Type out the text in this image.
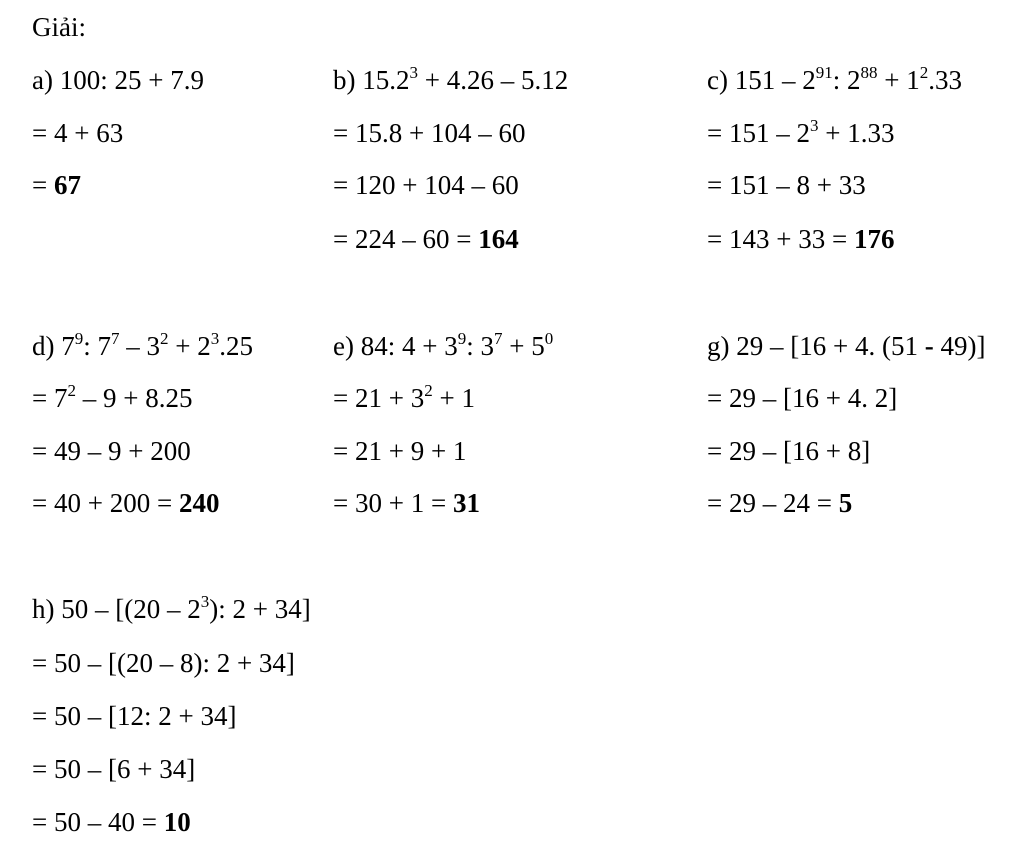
Giải:
a) 100: 25 + 7.9
= 4 + 63
= 67
b) $15.2^3 + 4.26 - 5.12$
= 15.8 + 104 – 60
= 120 + 104 – 60
= 224 – 60 = 164
c) $151 - 2^{91}$: $2^{88} + 1^2.33$
= $151 - 2^3 + 1.33$
= 151 – 8 + 33
= 143 + 33 = 176
d) $7^9$: $7^7 - 3^2 + 2^3.25$
= $7^2 - 9 + 8.25$
= 49 – 9 + 200
= 40 + 200 = 240
e) 84: $4 + 3^9$: $3^7 + 5^0$
= $21 + 3^2 + 1$
= 21 + 9 + 1
= 30 + 1 = 31
g) 29 – [16 + 4. (51 - 49)]
= 29 – [16 + 4. 2]
= 29 – [16 + 8]
= 29 – 24 = 5
h) $50 - [(20 - 2^3)$: 2 + 34]
= 50 – [(20 – 8): 2 + 34]
= 50 – [12: 2 + 34]
= 50 – [6 + 34]
= 50 – 40 = 10
